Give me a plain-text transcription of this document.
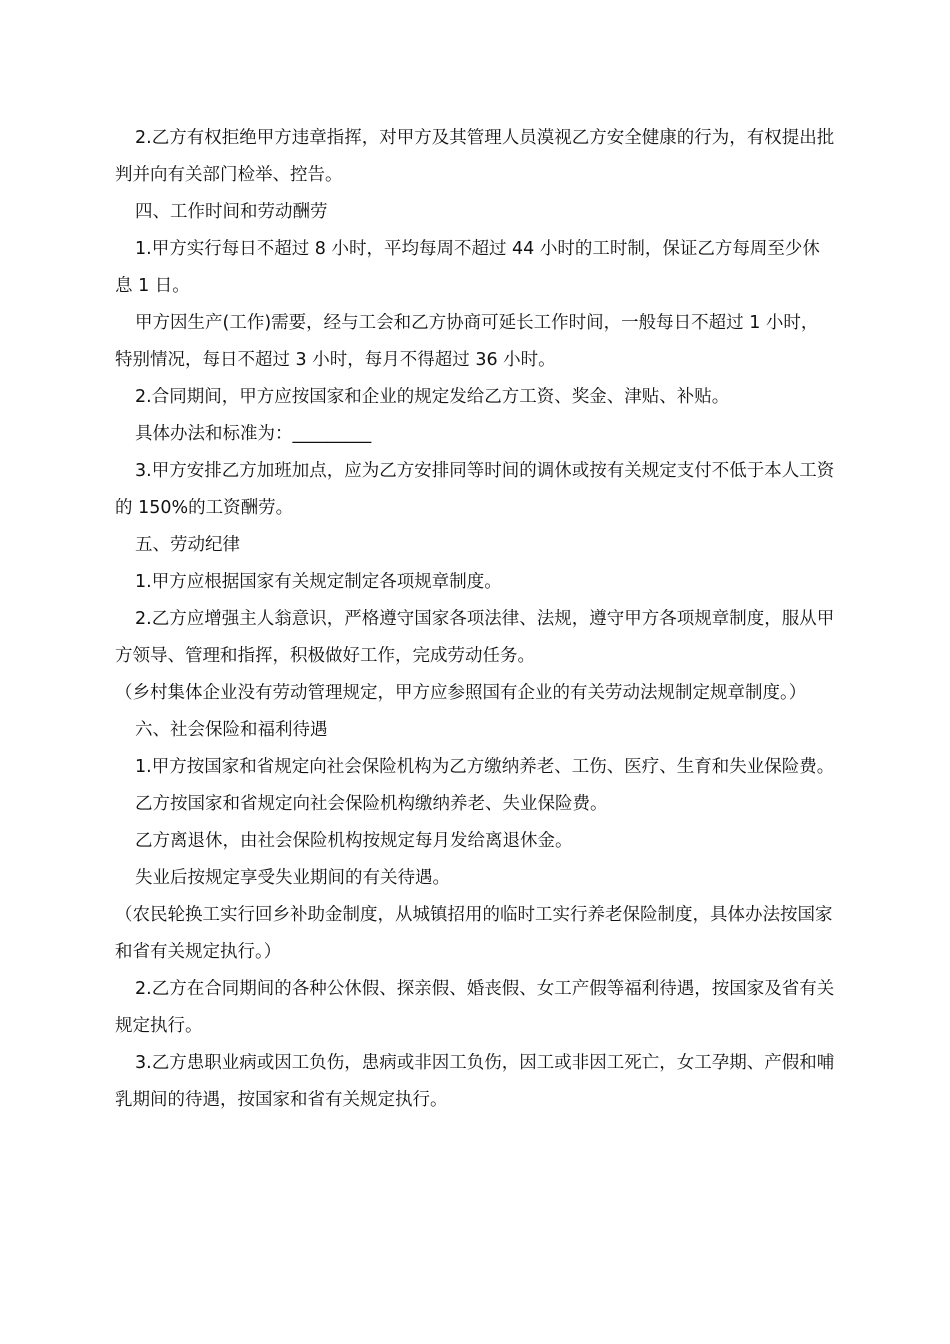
2.乙方有权拒绝甲方违章指挥，对甲方及其管理人员漠视乙方安全健康的行为，有权提出批判并向有关部门检举、控告。

四、工作时间和劳动酬劳

1.甲方实行每日不超过 8 小时，平均每周不超过 44 小时的工时制，保证乙方每周至少休息 1 日。

甲方因生产(工作)需要，经与工会和乙方协商可延长工作时间，一般每日不超过 1 小时，特别情况，每日不超过 3 小时，每月不得超过 36 小时。

2.合同期间，甲方应按国家和企业的规定发给乙方工资、奖金、津贴、补贴。

具体办法和标准为：_________

3.甲方安排乙方加班加点，应为乙方安排同等时间的调休或按有关规定支付不低于本人工资的 150%的工资酬劳。

五、劳动纪律

1.甲方应根据国家有关规定制定各项规章制度。

2.乙方应增强主人翁意识，严格遵守国家各项法律、法规，遵守甲方各项规章制度，服从甲方领导、管理和指挥，积极做好工作，完成劳动任务。

（乡村集体企业没有劳动管理规定，甲方应参照国有企业的有关劳动法规制定规章制度。）

六、社会保险和福利待遇

1.甲方按国家和省规定向社会保险机构为乙方缴纳养老、工伤、医疗、生育和失业保险费。

乙方按国家和省规定向社会保险机构缴纳养老、失业保险费。

乙方离退休，由社会保险机构按规定每月发给离退休金。

失业后按规定享受失业期间的有关待遇。

（农民轮换工实行回乡补助金制度，从城镇招用的临时工实行养老保险制度，具体办法按国家和省有关规定执行。）

2.乙方在合同期间的各种公休假、探亲假、婚丧假、女工产假等福利待遇，按国家及省有关规定执行。

3.乙方患职业病或因工负伤，患病或非因工负伤，因工或非因工死亡，女工孕期、产假和哺乳期间的待遇，按国家和省有关规定执行。
